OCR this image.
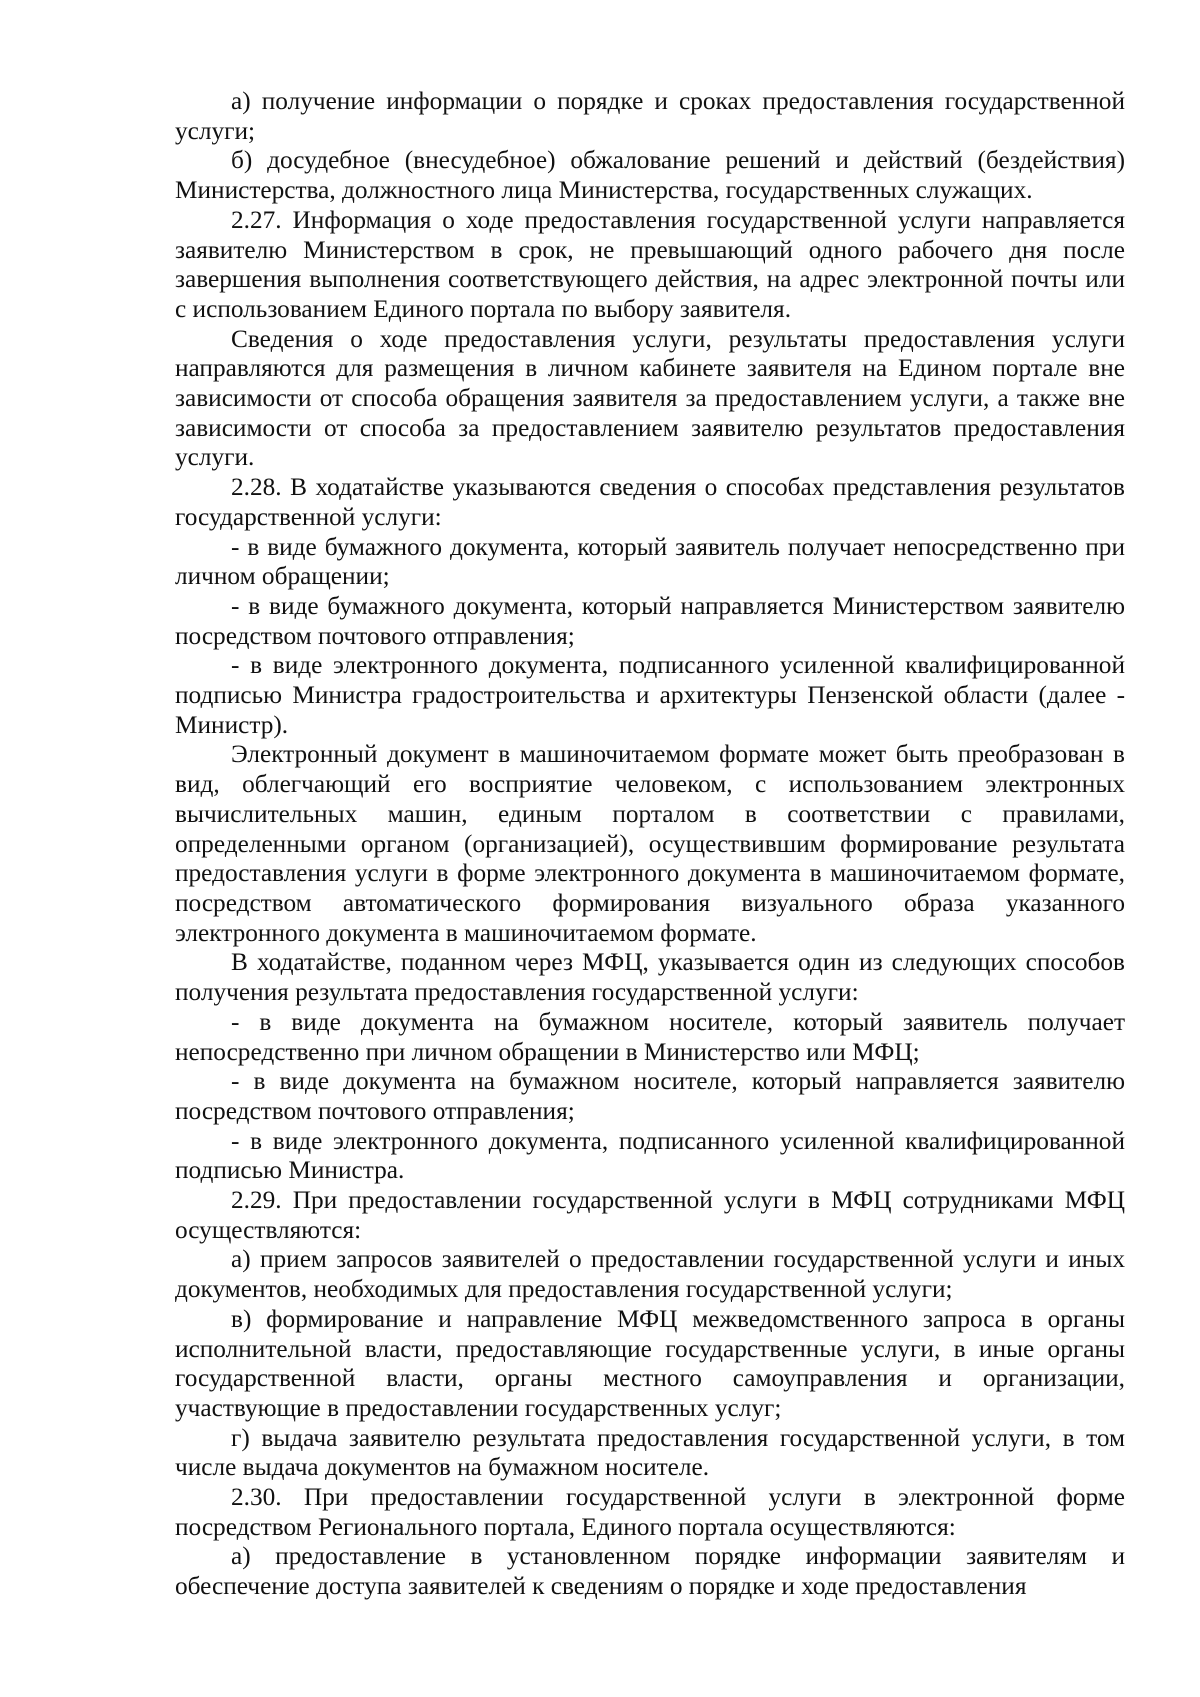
а) получение информации о порядке и сроках предоставления государственной услуги;

б) досудебное (внесудебное) обжалование решений и действий (бездействия) Министерства, должностного лица Министерства, государственных служащих.

2.27. Информация о ходе предоставления государственной услуги направляется заявителю Министерством в срок, не превышающий одного рабочего дня после завершения выполнения соответствующего действия, на адрес электронной почты или с использованием Единого портала по выбору заявителя.

Сведения о ходе предоставления услуги, результаты предоставления услуги направляются для размещения в личном кабинете заявителя на Едином портале вне зависимости от способа обращения заявителя за предоставлением услуги, а также вне зависимости от способа за предоставлением заявителю результатов предоставления услуги.

2.28. В ходатайстве указываются сведения о способах представления результатов государственной услуги:

- в виде бумажного документа, который заявитель получает непосредственно при личном обращении;

- в виде бумажного документа, который направляется Министерством заявителю посредством почтового отправления;

- в виде электронного документа, подписанного усиленной квалифицированной подписью Министра градостроительства и архитектуры Пензенской области (далее - Министр).

Электронный документ в машиночитаемом формате может быть преобразован в вид, облегчающий его восприятие человеком, с использованием электронных вычислительных машин, единым порталом в соответствии с правилами, определенными органом (организацией), осуществившим формирование результата предоставления услуги в форме электронного документа в машиночитаемом формате, посредством автоматического формирования визуального образа указанного электронного документа в машиночитаемом формате.

В ходатайстве, поданном через МФЦ, указывается один из следующих способов получения результата предоставления государственной услуги:

- в виде документа на бумажном носителе, который заявитель получает непосредственно при личном обращении в Министерство или МФЦ;

- в виде документа на бумажном носителе, который направляется заявителю посредством почтового отправления;

- в виде электронного документа, подписанного усиленной квалифицированной подписью Министра.

2.29. При предоставлении государственной услуги в МФЦ сотрудниками МФЦ осуществляются:

а) прием запросов заявителей о предоставлении государственной услуги и иных документов, необходимых для предоставления государственной услуги;

в) формирование и направление МФЦ межведомственного запроса в органы исполнительной власти, предоставляющие государственные услуги, в иные органы государственной власти, органы местного самоуправления и организации, участвующие в предоставлении государственных услуг;

г) выдача заявителю результата предоставления государственной услуги, в том числе выдача документов на бумажном носителе.

2.30. При предоставлении государственной услуги в электронной форме посредством Регионального портала, Единого портала осуществляются:

а) предоставление в установленном порядке информации заявителям и обеспечение доступа заявителей к сведениям о порядке и ходе предоставления
